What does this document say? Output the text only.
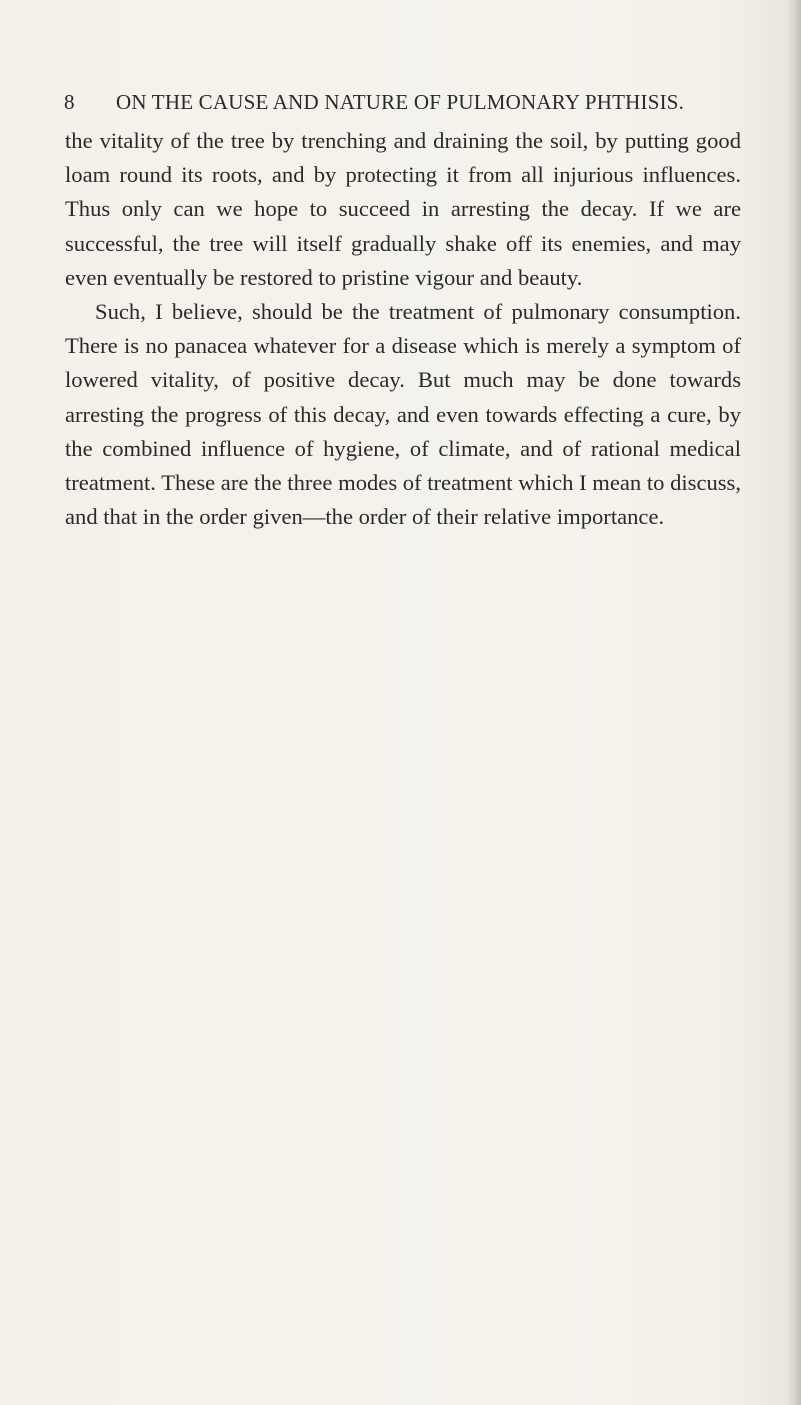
8	ON THE CAUSE AND NATURE OF PULMONARY PHTHISIS.

the vitality of the tree by trenching and draining the soil, by putting good loam round its roots, and by protecting it from all injurious influences. Thus only can we hope to succeed in arresting the decay. If we are successful, the tree will itself gradually shake off its enemies, and may even eventually be restored to pristine vigour and beauty.

Such, I believe, should be the treatment of pulmonary consumption. There is no panacea whatever for a disease which is merely a symptom of lowered vitality, of positive decay. But much may be done towards arresting the progress of this decay, and even towards effecting a cure, by the combined influence of hygiene, of climate, and of rational medical treatment. These are the three modes of treatment which I mean to discuss, and that in the order given—the order of their relative importance.
